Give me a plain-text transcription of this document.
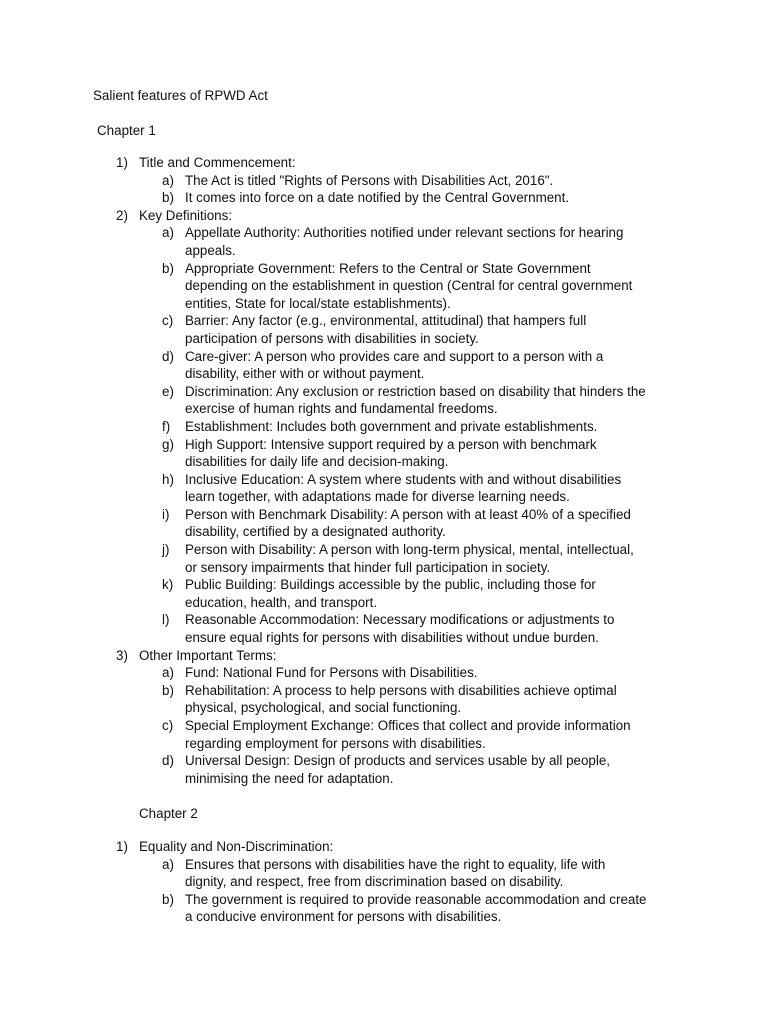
Salient features of RPWD Act
Chapter 1
1) Title and Commencement:
a) The Act is titled "Rights of Persons with Disabilities Act, 2016".
b) It comes into force on a date notified by the Central Government.
2) Key Definitions:
a) Appellate Authority: Authorities notified under relevant sections for hearing
appeals.
b) Appropriate Government: Refers to the Central or State Government
depending on the establishment in question (Central for central government
entities, State for local/state establishments).
c) Barrier: Any factor (e.g., environmental, attitudinal) that hampers full
participation of persons with disabilities in society.
d) Care-giver: A person who provides care and support to a person with a
disability, either with or without payment.
e) Discrimination: Any exclusion or restriction based on disability that hinders the
exercise of human rights and fundamental freedoms.
f) Establishment: Includes both government and private establishments.
g) High Support: Intensive support required by a person with benchmark
disabilities for daily life and decision-making.
h) Inclusive Education: A system where students with and without disabilities
learn together, with adaptations made for diverse learning needs.
i) Person with Benchmark Disability: A person with at least 40% of a specified
disability, certified by a designated authority.
j) Person with Disability: A person with long-term physical, mental, intellectual,
or sensory impairments that hinder full participation in society.
k) Public Building: Buildings accessible by the public, including those for
education, health, and transport.
l) Reasonable Accommodation: Necessary modifications or adjustments to
ensure equal rights for persons with disabilities without undue burden.
3) Other Important Terms:
a) Fund: National Fund for Persons with Disabilities.
b) Rehabilitation: A process to help persons with disabilities achieve optimal
physical, psychological, and social functioning.
c) Special Employment Exchange: Offices that collect and provide information
regarding employment for persons with disabilities.
d) Universal Design: Design of products and services usable by all people,
minimising the need for adaptation.
Chapter 2
1) Equality and Non-Discrimination:
a) Ensures that persons with disabilities have the right to equality, life with
dignity, and respect, free from discrimination based on disability.
b) The government is required to provide reasonable accommodation and create
a conducive environment for persons with disabilities.
